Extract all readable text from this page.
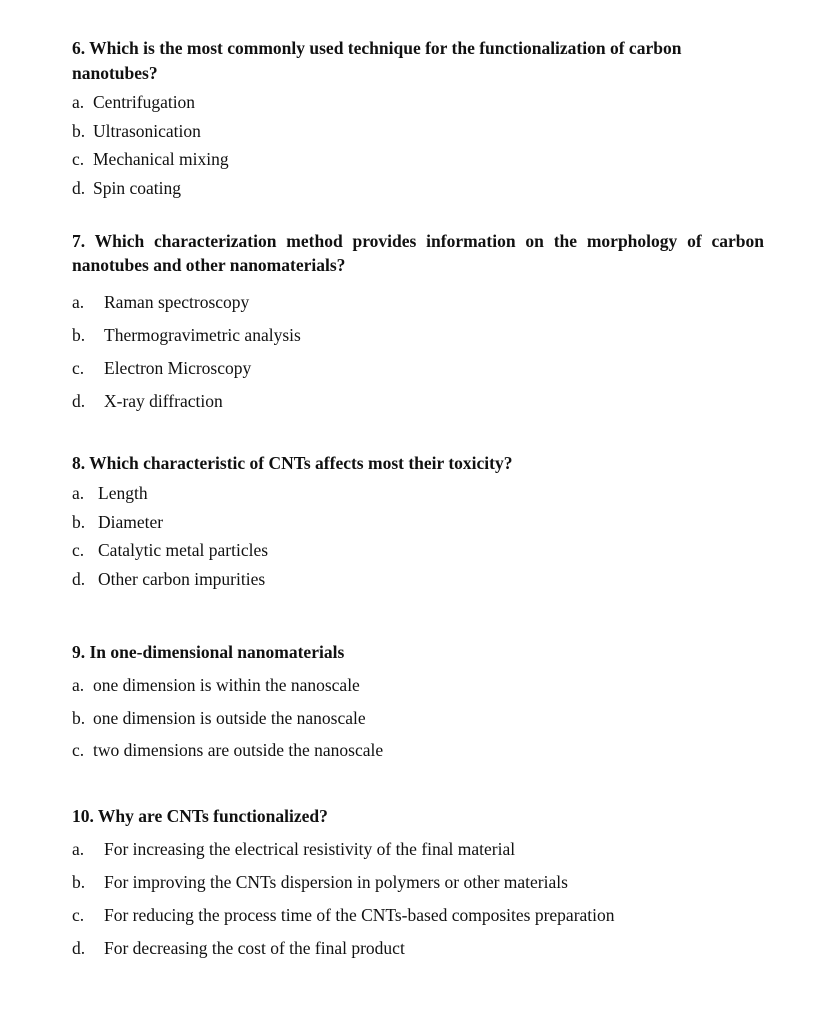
6. Which is the most commonly used technique for the functionalization of carbon nanotubes?

a. Centrifugation
b. Ultrasonication
c. Mechanical mixing
d. Spin coating

7. Which characterization method provides information on the morphology of carbon nanotubes and other nanomaterials?

a.	Raman spectroscopy
b.	Thermogravimetric analysis
c.	Electron Microscopy
d.	X-ray diffraction

8. Which characteristic of CNTs affects most their toxicity?

a. Length
b. Diameter
c. Catalytic metal particles
d. Other carbon impurities

9. In one-dimensional nanomaterials

a. one dimension is within the nanoscale
b. one dimension is outside the nanoscale
c. two dimensions are outside the nanoscale

10. Why are CNTs functionalized?

a.	For increasing the electrical resistivity of the final material
b.	For improving the CNTs dispersion in polymers or other materials
c.	For reducing the process time of the CNTs-based composites preparation
d.	For decreasing the cost of the final product
